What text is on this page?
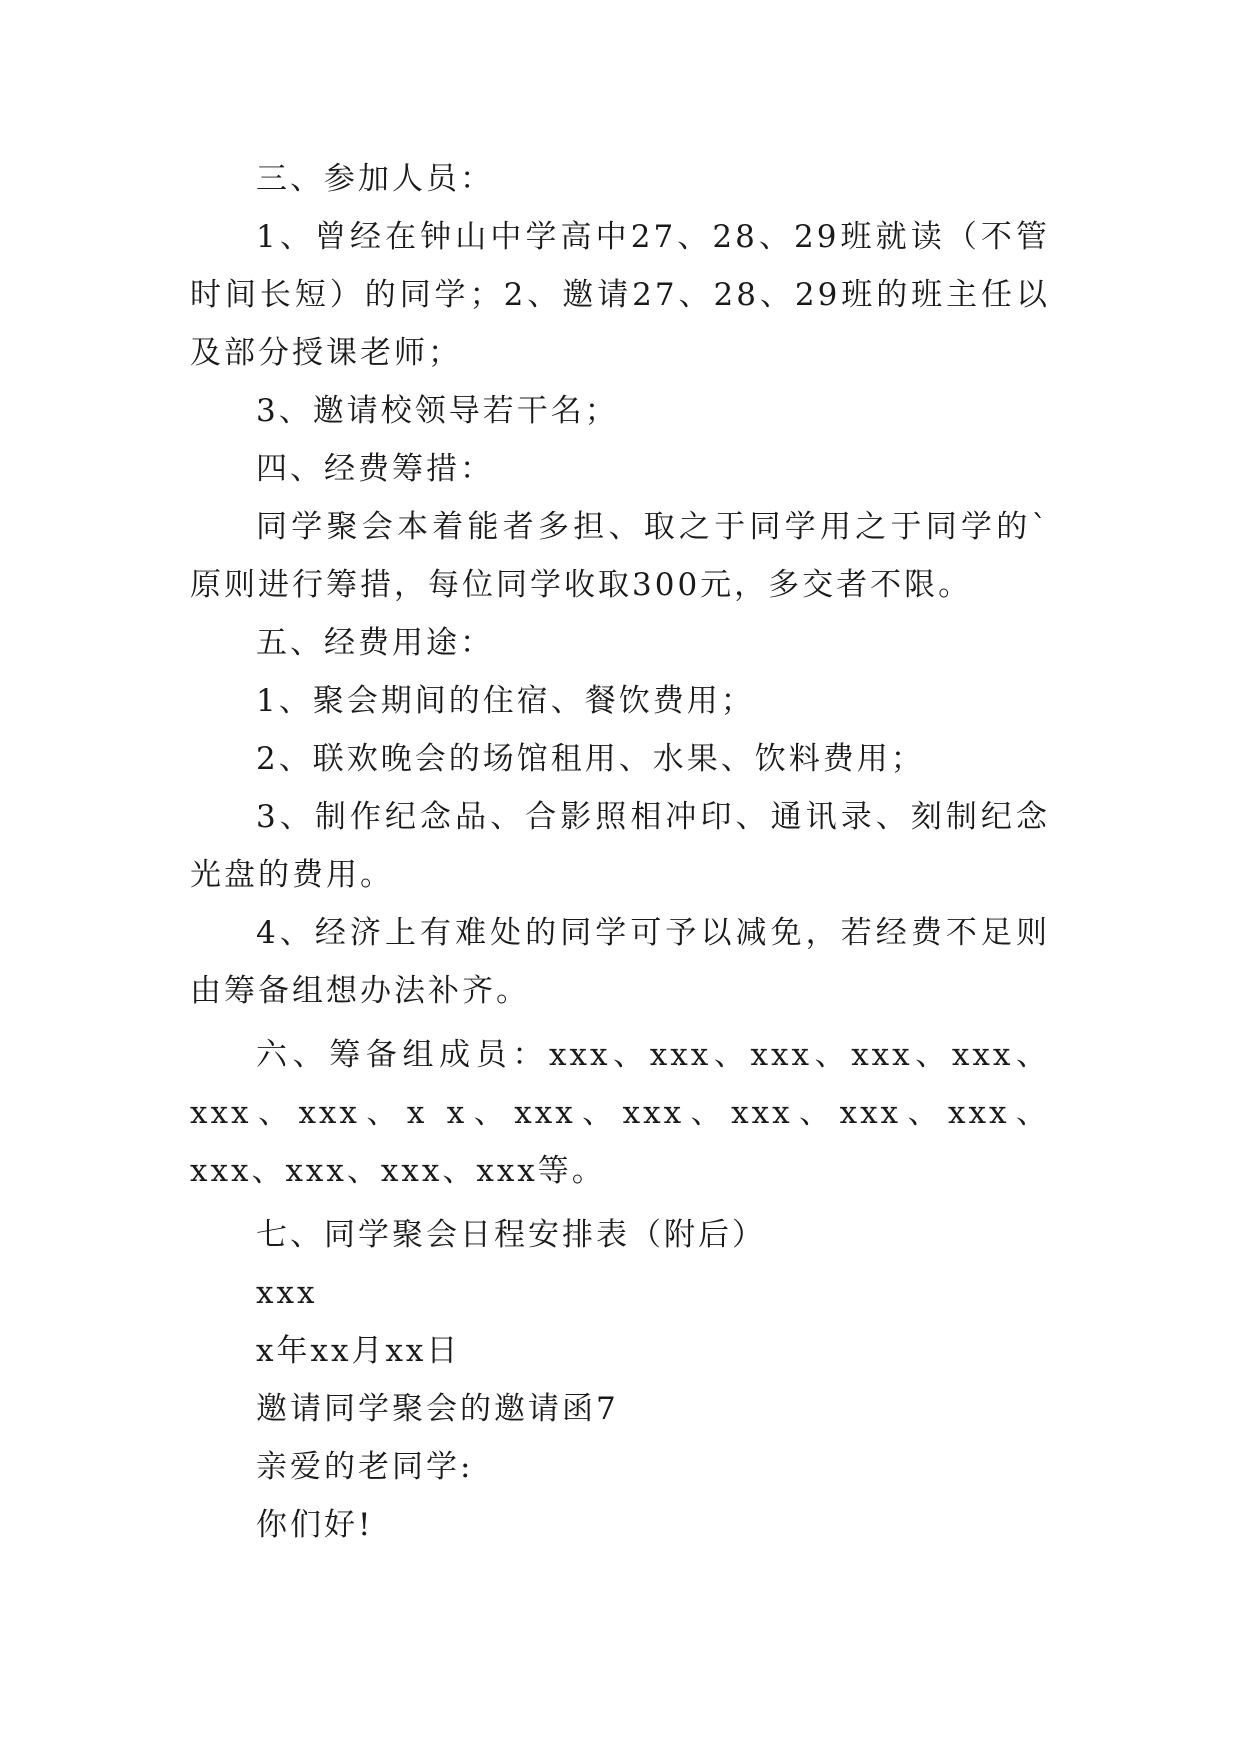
三、参加人员：

1、曾经在钟山中学高中27、28、29班就读（不管时间长短）的同学；2、邀请27、28、29班的班主任以及部分授课老师；

3、邀请校领导若干名；

四、经费筹措：

同学聚会本着能者多担、取之于同学用之于同学的`原则进行筹措，每位同学收取300元，多交者不限。

五、经费用途：

1、聚会期间的住宿、餐饮费用；

2、联欢晚会的场馆租用、水果、饮料费用；

3、制作纪念品、合影照相冲印、通讯录、刻制纪念光盘的费用。

4、经济上有难处的同学可予以减免，若经费不足则由筹备组想办法补齐。

六、筹备组成员：xxx、xxx、xxx、xxx、xxx、xxx、xxx、x x、xxx、xxx、xxx、xxx、xxx、 xxx、xxx、xxx、xxx等。

七、同学聚会日程安排表（附后）

xxx

x年xx月xx日

邀请同学聚会的邀请函7

亲爱的老同学:

你们好!
